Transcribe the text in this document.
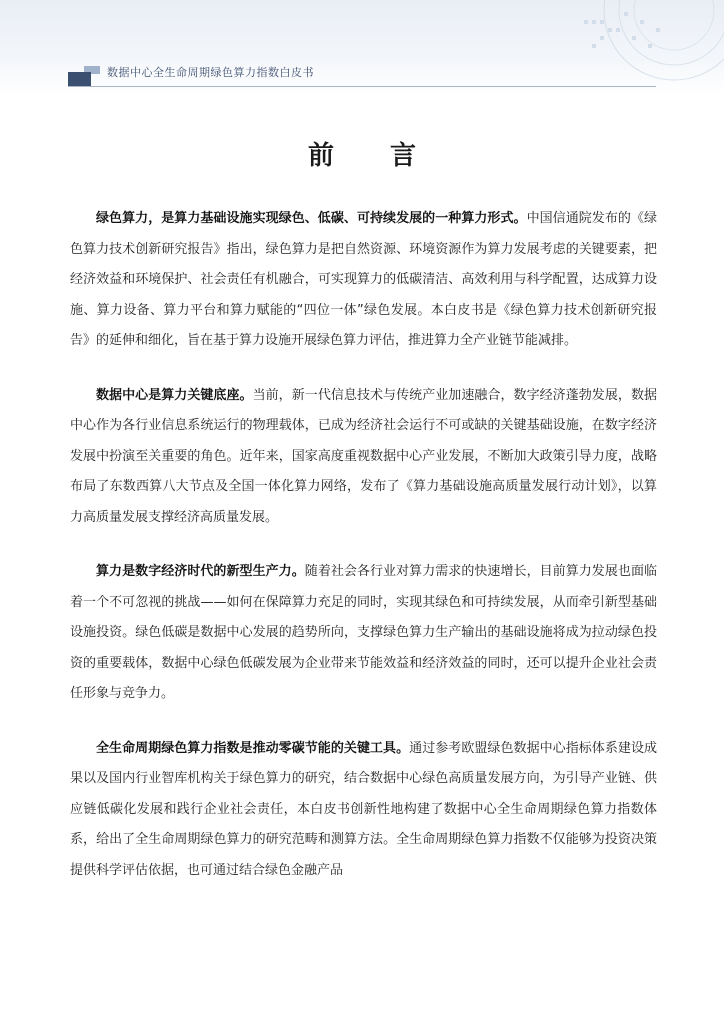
数据中心全生命周期绿色算力指数白皮书
前言

绿色算力，是算力基础设施实现绿色、低碳、可持续发展的一种算力形式。中国信通院发布的《绿色算力技术创新研究报告》指出，绿色算力是把自然资源、环境资源作为算力发展考虑的关键要素，把经济效益和环境保护、社会责任有机融合，可实现算力的低碳清洁、高效利用与科学配置，达成算力设施、算力设备、算力平台和算力赋能的“四位一体”绿色发展。本白皮书是《绿色算力技术创新研究报告》的延伸和细化，旨在基于算力设施开展绿色算力评估，推进算力全产业链节能减排。

数据中心是算力关键底座。当前，新一代信息技术与传统产业加速融合，数字经济蓬勃发展，数据中心作为各行业信息系统运行的物理载体，已成为经济社会运行不可或缺的关键基础设施，在数字经济发展中扮演至关重要的角色。近年来，国家高度重视数据中心产业发展，不断加大政策引导力度，战略布局了东数西算八大节点及全国一体化算力网络，发布了《算力基础设施高质量发展行动计划》，以算力高质量发展支撑经济高质量发展。

算力是数字经济时代的新型生产力。随着社会各行业对算力需求的快速增长，目前算力发展也面临着一个不可忽视的挑战——如何在保障算力充足的同时，实现其绿色和可持续发展，从而牵引新型基础设施投资。绿色低碳是数据中心发展的趋势所向，支撑绿色算力生产输出的基础设施将成为拉动绿色投资的重要载体，数据中心绿色低碳发展为企业带来节能效益和经济效益的同时，还可以提升企业社会责任形象与竞争力。

全生命周期绿色算力指数是推动零碳节能的关键工具。通过参考欧盟绿色数据中心指标体系建设成果以及国内行业智库机构关于绿色算力的研究，结合数据中心绿色高质量发展方向，为引导产业链、供应链低碳化发展和践行企业社会责任，本白皮书创新性地构建了数据中心全生命周期绿色算力指数体系，给出了全生命周期绿色算力的研究范畴和测算方法。全生命周期绿色算力指数不仅能够为投资决策提供科学评估依据，也可通过结合绿色金融产品
